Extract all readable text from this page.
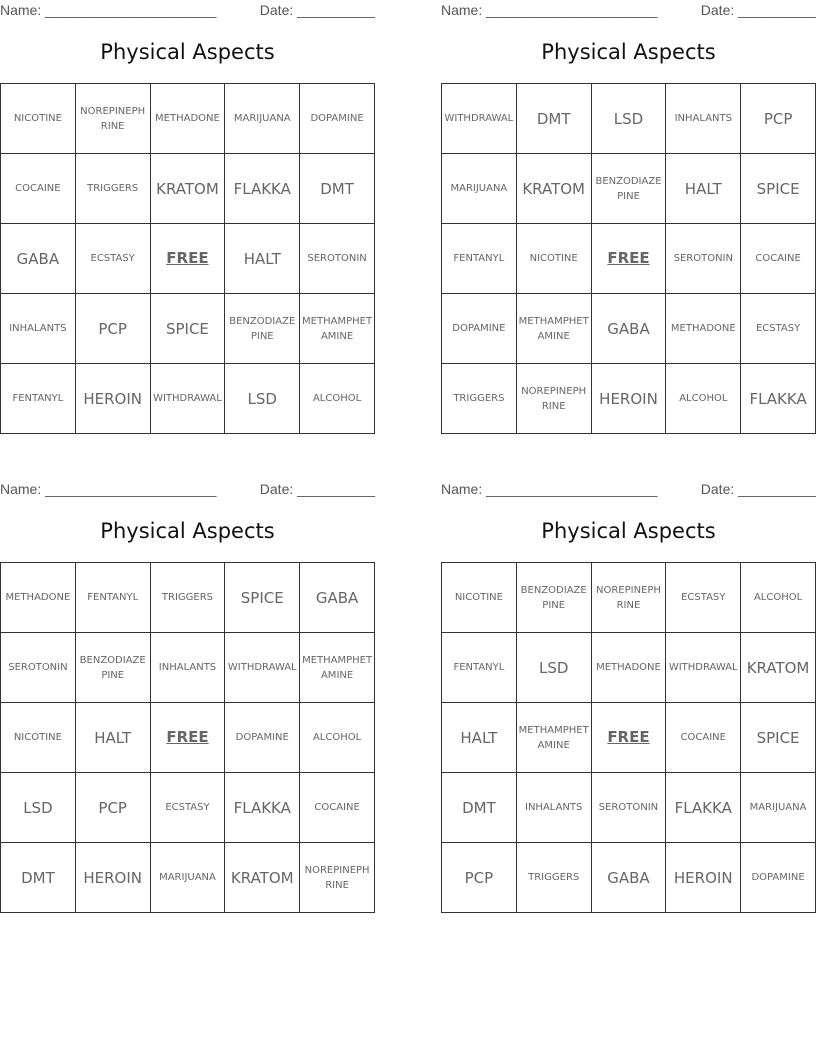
Name: ______________________	Date: __________
Physical Aspects
NICOTINE	NOREPINEPHRINE	METHADONE	MARIJUANA	DOPAMINE
COCAINE	TRIGGERS	KRATOM	FLAKKA	DMT
GABA	ECSTASY	FREE	HALT	SEROTONIN
INHALANTS	PCP	SPICE	BENZODIAZEPINE	METHAMPHETAMINE
FENTANYL	HEROIN	WITHDRAWAL	LSD	ALCOHOL
Name: ______________________	Date: __________
Physical Aspects
WITHDRAWAL	DMT	LSD	INHALANTS	PCP
MARIJUANA	KRATOM	BENZODIAZEPINE	HALT	SPICE
FENTANYL	NICOTINE	FREE	SEROTONIN	COCAINE
DOPAMINE	METHAMPHETAMINE	GABA	METHADONE	ECSTASY
TRIGGERS	NOREPINEPHRINE	HEROIN	ALCOHOL	FLAKKA
Name: ______________________	Date: __________
Physical Aspects
METHADONE	FENTANYL	TRIGGERS	SPICE	GABA
SEROTONIN	BENZODIAZEPINE	INHALANTS	WITHDRAWAL	METHAMPHETAMINE
NICOTINE	HALT	FREE	DOPAMINE	ALCOHOL
LSD	PCP	ECSTASY	FLAKKA	COCAINE
DMT	HEROIN	MARIJUANA	KRATOM	NOREPINEPHRINE
Name: ______________________	Date: __________
Physical Aspects
NICOTINE	BENZODIAZEPINE	NOREPINEPHRINE	ECSTASY	ALCOHOL
FENTANYL	LSD	METHADONE	WITHDRAWAL	KRATOM
HALT	METHAMPHETAMINE	FREE	COCAINE	SPICE
DMT	INHALANTS	SEROTONIN	FLAKKA	MARIJUANA
PCP	TRIGGERS	GABA	HEROIN	DOPAMINE
